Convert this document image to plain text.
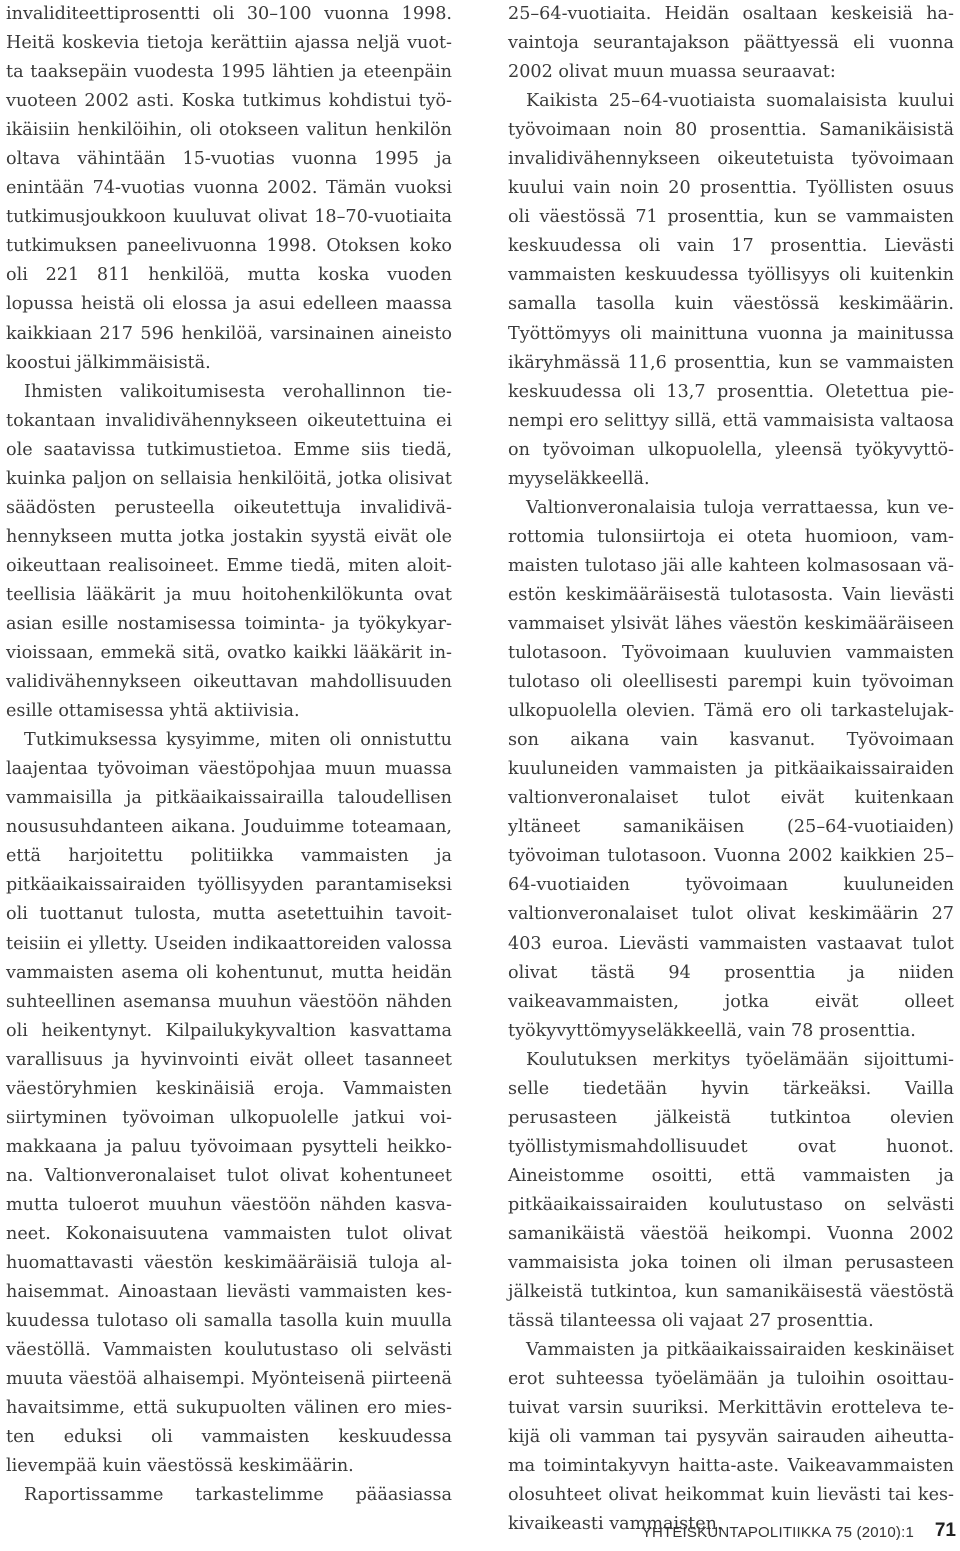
invaliditeettiprosentti oli 30–100 vuonna 1998. Heitä koskevia tietoja kerättiin ajassa neljä vuotta taaksepäin vuodesta 1995 lähtien ja eteenpäin vuoteen 2002 asti. Koska tutkimus kohdistui työikäisiin henkilöihin, oli otokseen valitun henkilön oltava vähintään 15-vuotias vuonna 1995 ja enintään 74-vuotias vuonna 2002. Tämän vuoksi tutkimusjoukkoon kuuluvat olivat 18–70-vuotiaita tutkimuksen paneelivuonna 1998. Otoksen koko oli 221 811 henkilöä, mutta koska vuoden lopussa heistä oli elossa ja asui edelleen maassa kaikkiaan 217 596 henkilöä, varsinainen aineisto koostui jälkimmäisistä.

Ihmisten valikoitumisesta verohallinnon tietokantaan invalidivähennykseen oikeutettuina ei ole saatavissa tutkimustietoa. Emme siis tiedä, kuinka paljon on sellaisia henkilöitä, jotka olisivat säädösten perusteella oikeutettuja invalidivähennykseen mutta jotka jostakin syystä eivät ole oikeuttaan realisoineet. Emme tiedä, miten aloitteellisia lääkärit ja muu hoitohenkilökunta ovat asian esille nostamisessa toiminta- ja työkykyarvioissaan, emmekä sitä, ovatko kaikki lääkärit invalidivähennykseen oikeuttavan mahdollisuuden esille ottamisessa yhtä aktiivisia.

Tutkimuksessa kysyimme, miten oli onnistuttu laajentaa työvoiman väestöpohjaa muun muassa vammaisilla ja pitkäaikaissairailla taloudellisen noususuhdanteen aikana. Jouduimme toteamaan, että harjoitettu politiikka vammaisten ja pitkäaikaissairaiden työllisyyden parantamiseksi oli tuottanut tulosta, mutta asetettuihin tavoitteisiin ei ylletty. Useiden indikaattoreiden valossa vammaisten asema oli kohentunut, mutta heidän suhteellinen asemansa muuhun väestöön nähden oli heikentynyt. Kilpailukykyvaltion kasvattama varallisuus ja hyvinvointi eivät olleet tasanneet väestöryhmien keskinäisiä eroja. Vammaisten siirtyminen työvoiman ulkopuolelle jatkui voimakkaana ja paluu työvoimaan pysytteli heikkona. Valtionveronalaiset tulot olivat kohentuneet mutta tuloerot muuhun väestöön nähden kasvaneet. Kokonaisuutena vammaisten tulot olivat huomattavasti väestön keskimääräisiä tuloja alhaisemmat. Ainoastaan lievästi vammaisten keskuudessa tulotaso oli samalla tasolla kuin muulla väestöllä. Vammaisten koulutustaso oli selvästi muuta väestöä alhaisempi. Myönteisenä piirteenä havaitsimme, että sukupuolten välinen ero miesten eduksi oli vammaisten keskuudessa lievempää kuin väestössä keskimäärin.

Raportissamme tarkastelimme pääasiassa

25–64-vuotiaita. Heidän osaltaan keskeisiä havaintoja seurantajakson päättyessä eli vuonna 2002 olivat muun muassa seuraavat:

Kaikista 25–64-vuotiaista suomalaisista kuului työvoimaan noin 80 prosenttia. Samanikäisistä invalidivähennykseen oikeutetuista työvoimaan kuului vain noin 20 prosenttia. Työllisten osuus oli väestössä 71 prosenttia, kun se vammaisten keskuudessa oli vain 17 prosenttia. Lievästi vammaisten keskuudessa työllisyys oli kuitenkin samalla tasolla kuin väestössä keskimäärin. Työttömyys oli mainittuna vuonna ja mainitussa ikäryhmässä 11,6 prosenttia, kun se vammaisten keskuudessa oli 13,7 prosenttia. Oletettua pienempi ero selittyy sillä, että vammaisista valtaosa on työvoiman ulkopuolella, yleensä työkyvyttömyyseläkkeellä.

Valtionveronalaisia tuloja verrattaessa, kun verottomia tulonsiirtoja ei oteta huomioon, vammaisten tulotaso jäi alle kahteen kolmasosaan väestön keskimääräisestä tulotasosta. Vain lievästi vammaiset ylsivät lähes väestön keskimääräiseen tulotasoon. Työvoimaan kuuluvien vammaisten tulotaso oli oleellisesti parempi kuin työvoiman ulkopuolella olevien. Tämä ero oli tarkastelujakson aikana vain kasvanut. Työvoimaan kuuluneiden vammaisten ja pitkäaikaissairaiden valtionveronalaiset tulot eivät kuitenkaan yltäneet samanikäisen (25–64-vuotiaiden) työvoiman tulotasoon. Vuonna 2002 kaikkien 25–64-vuotiaiden työvoimaan kuuluneiden valtionveronalaiset tulot olivat keskimäärin 27 403 euroa. Lievästi vammaisten vastaavat tulot olivat tästä 94 prosenttia ja niiden vaikeavammaisten, jotka eivät olleet työkyvyttömyyseläkkeellä, vain 78 prosenttia.

Koulutuksen merkitys työelämään sijoittumiselle tiedetään hyvin tärkeäksi. Vailla perusasteen jälkeistä tutkintoa olevien työllistymismahdollisuudet ovat huonot. Aineistomme osoitti, että vammaisten ja pitkäaikaissairaiden koulutustaso on selvästi samanikäistä väestöä heikompi. Vuonna 2002 vammaisista joka toinen oli ilman perusasteen jälkeistä tutkintoa, kun samanikäisestä väestöstä tässä tilanteessa oli vajaat 27 prosenttia.

Vammaisten ja pitkäaikaissairaiden keskinäiset erot suhteessa työelämään ja tuloihin osoittautuivat varsin suuriksi. Merkittävin erotteleva tekijä oli vamman tai pysyvän sairauden aiheuttama toimintakyvyn haitta-aste. Vaikeavammaisten olosuhteet olivat heikommat kuin lievästi tai keskivaikeasti vammaisten.

YHTEISKUNTAPOLITIIKKA 75 (2010):1 71
